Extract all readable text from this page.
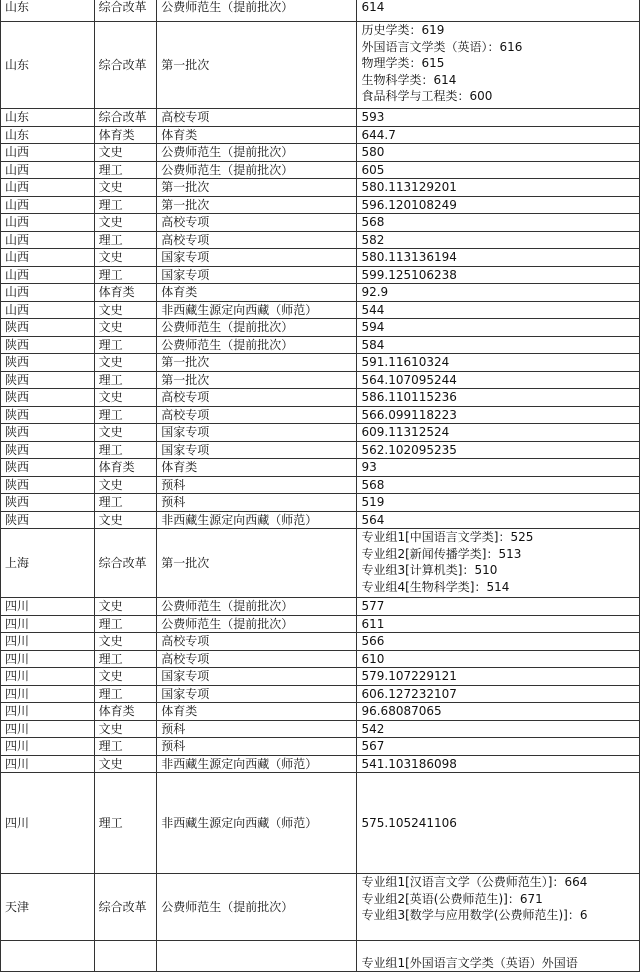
山东	综合改革	公费师范生（提前批次）	614

山东	综合改革	第一批次	历史学类：619
外国语言文学类（英语）：616
物理学类：615
生物科学类：614
食品科学与工程类：600

山东	综合改革	高校专项	593

山东	体育类	体育类	644.7

山西	文史	公费师范生（提前批次）	580

山西	理工	公费师范生（提前批次）	605

山西	文史	第一批次	580.113129201

山西	理工	第一批次	596.120108249

山西	文史	高校专项	568

山西	理工	高校专项	582

山西	文史	国家专项	580.113136194

山西	理工	国家专项	599.125106238

山西	体育类	体育类	92.9

山西	文史	非西藏生源定向西藏（师范）	544

陕西	文史	公费师范生（提前批次）	594

陕西	理工	公费师范生（提前批次）	584

陕西	文史	第一批次	591.11610324

陕西	理工	第一批次	564.107095244

陕西	文史	高校专项	586.110115236

陕西	理工	高校专项	566.099118223

陕西	文史	国家专项	609.11312524

陕西	理工	国家专项	562.102095235

陕西	体育类	体育类	93

陕西	文史	预科	568

陕西	理工	预科	519

陕西	文史	非西藏生源定向西藏（师范）	564

上海	综合改革	第一批次	专业组1[中国语言文学类]：525
专业组2[新闻传播学类]：513
专业组3[计算机类]：510
专业组4[生物科学类]：514

四川	文史	公费师范生（提前批次）	577

四川	理工	公费师范生（提前批次）	611

四川	文史	高校专项	566

四川	理工	高校专项	610

四川	文史	国家专项	579.107229121

四川	理工	国家专项	606.127232107

四川	体育类	体育类	96.68087065

四川	文史	预科	542

四川	理工	预科	567

四川	文史	非西藏生源定向西藏（师范）	541.103186098

四川	理工	非西藏生源定向西藏（师范）	575.105241106

天津	综合改革	公费师范生（提前批次）	专业组1[汉语言文学（公费师范生）]：664
专业组2[英语(公费师范生)]：671
专业组3[数学与应用数学(公费师范生)]：6

			专业组1[外国语言文学类（英语）外国语
